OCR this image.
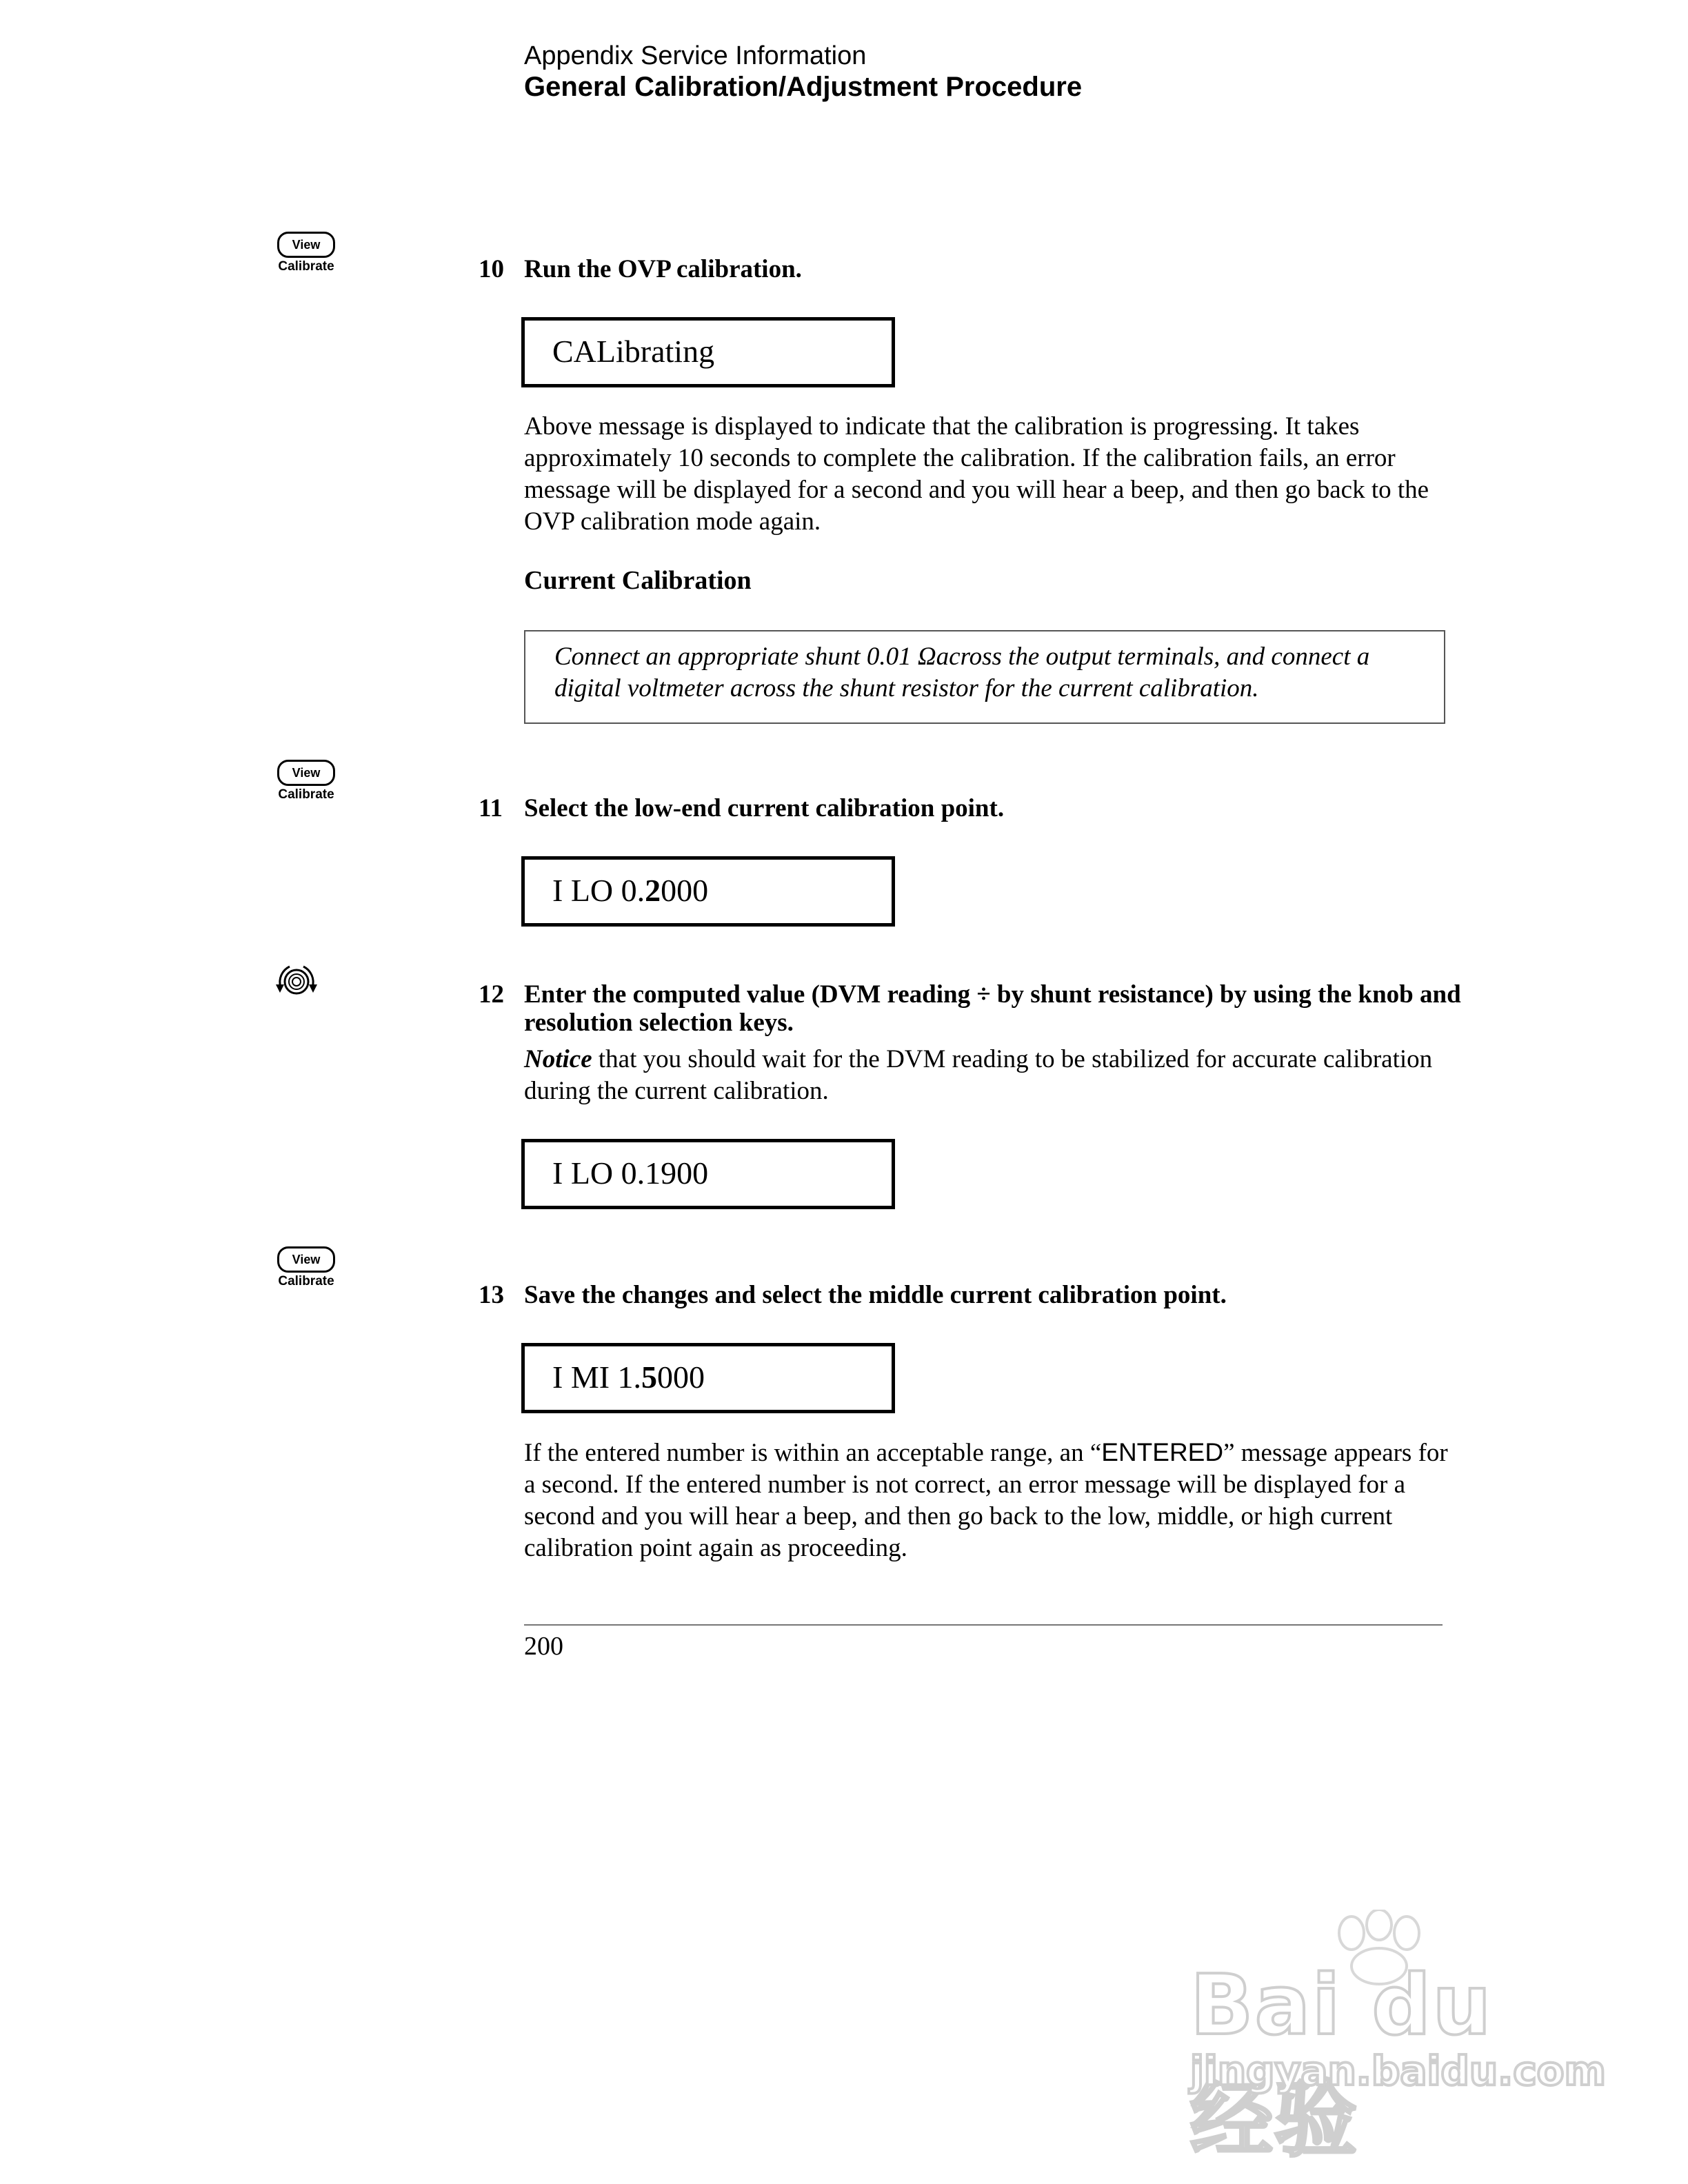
Appendix Service Information
General Calibration/Adjustment Procedure
View
Calibrate	10 Run the OVP calibration.
CALibrating
Above message is displayed to indicate that the calibration is progressing. It takes approximately 10 seconds to complete the calibration. If the calibration fails, an error message will be displayed for a second and you will hear a beep, and then go back to the OVP calibration mode again.
Current Calibration
Connect an appropriate shunt 0.01 Ωacross the output terminals, and connect a digital voltmeter across the shunt resistor for the current calibration.
View
Calibrate	11 Select the low-end current calibration point.
I LO 0.2000
12 Enter the computed value (DVM reading ÷ by shunt resistance) by using the knob and resolution selection keys.
Notice that you should wait for the DVM reading to be stabilized for accurate calibration during the current calibration.
I LO 0.1900
View
Calibrate	13 Save the changes and select the middle current calibration point.
I MI 1.5000
If the entered number is within an acceptable range, an “ENTERED” message appears for a second. If the entered number is not correct, an error message will be displayed for a second and you will hear a beep, and then go back to the low, middle, or high current calibration point again as proceeding.
200
Bai du 经验
jingyan.baidu.com
